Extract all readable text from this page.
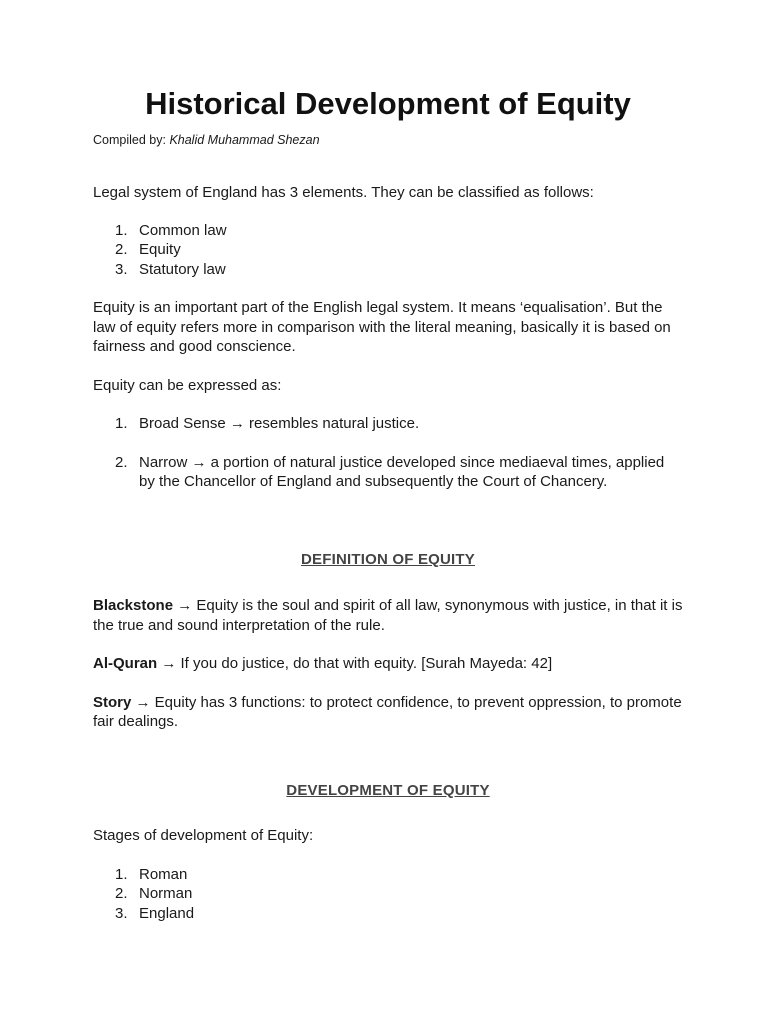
Historical Development of Equity

Compiled by: Khalid Muhammad Shezan

Legal system of England has 3 elements. They can be classified as follows:

1. Common law
2. Equity
3. Statutory law

Equity is an important part of the English legal system. It means ‘equalisation’. But the law of equity refers more in comparison with the literal meaning, basically it is based on fairness and good conscience.

Equity can be expressed as:

1. Broad Sense → resembles natural justice.
2. Narrow → a portion of natural justice developed since mediaeval times, applied by the Chancellor of England and subsequently the Court of Chancery.
DEFINITION OF EQUITY

Blackstone → Equity is the soul and spirit of all law, synonymous with justice, in that it is the true and sound interpretation of the rule.

Al-Quran → If you do justice, do that with equity. [Surah Mayeda: 42]

Story → Equity has 3 functions: to protect confidence, to prevent oppression, to promote fair dealings.

DEVELOPMENT OF EQUITY

Stages of development of Equity:

1. Roman
2. Norman
3. England
